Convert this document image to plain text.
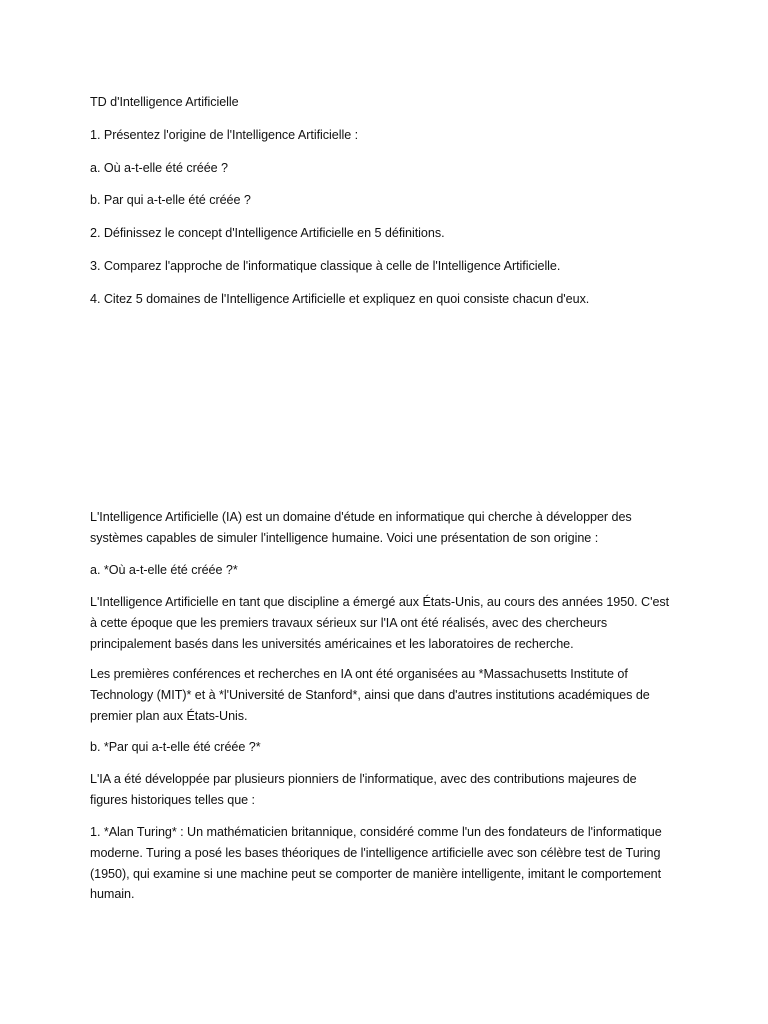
TD d'Intelligence Artificielle

1. Présentez l'origine de l'Intelligence Artificielle :

a. Où a-t-elle été créée ?

b. Par qui a-t-elle été créée ?

2. Définissez le concept d'Intelligence Artificielle en 5 définitions.

3. Comparez l'approche de l'informatique classique à celle de l'Intelligence Artificielle.

4. Citez 5 domaines de l'Intelligence Artificielle et expliquez en quoi consiste chacun d'eux.

L'Intelligence Artificielle (IA) est un domaine d'étude en informatique qui cherche à développer des systèmes capables de simuler l'intelligence humaine. Voici une présentation de son origine :

a. *Où a-t-elle été créée ?*

L'Intelligence Artificielle en tant que discipline a émergé aux États-Unis, au cours des années 1950. C'est à cette époque que les premiers travaux sérieux sur l'IA ont été réalisés, avec des chercheurs principalement basés dans les universités américaines et les laboratoires de recherche.

Les premières conférences et recherches en IA ont été organisées au *Massachusetts Institute of Technology (MIT)* et à *l'Université de Stanford*, ainsi que dans d'autres institutions académiques de premier plan aux États-Unis.

b. *Par qui a-t-elle été créée ?*

L'IA a été développée par plusieurs pionniers de l'informatique, avec des contributions majeures de figures historiques telles que :

1. *Alan Turing* : Un mathématicien britannique, considéré comme l'un des fondateurs de l'informatique moderne. Turing a posé les bases théoriques de l'intelligence artificielle avec son célèbre test de Turing (1950), qui examine si une machine peut se comporter de manière intelligente, imitant le comportement humain.
